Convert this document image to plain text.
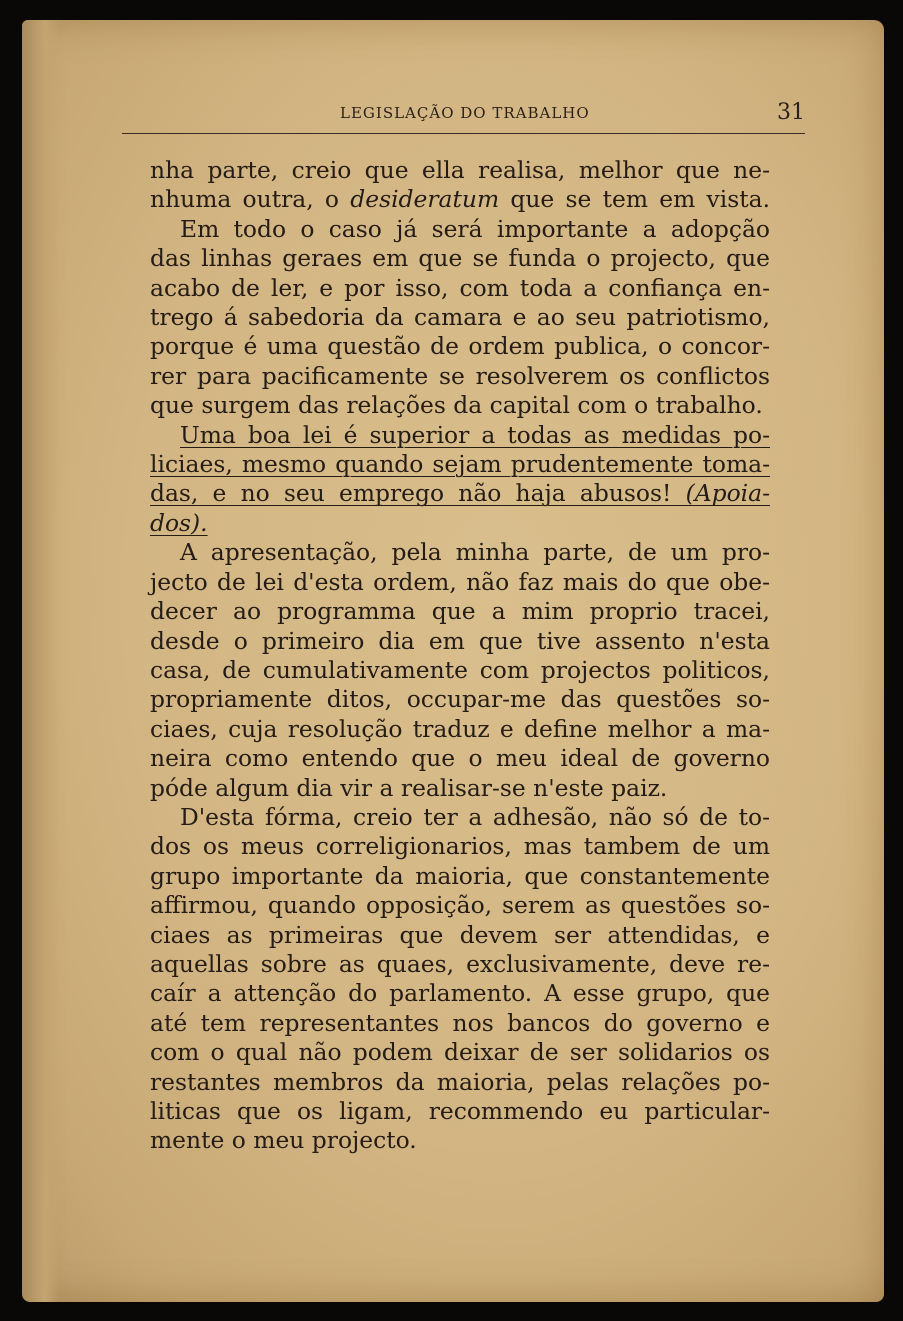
LEGISLAÇÃO DO TRABALHO	31
nha parte, creio que ella realisa, melhor que ne-
nhuma outra, o desideratum que se tem em vista.
Em todo o caso já será importante a adopção
das linhas geraes em que se funda o projecto, que
acabo de ler, e por isso, com toda a confiança en-
trego á sabedoria da camara e ao seu patriotismo,
porque é uma questão de ordem publica, o concor-
rer para pacificamente se resolverem os conflictos
que surgem das relações da capital com o trabalho.
Uma boa lei é superior a todas as medidas po-
liciaes, mesmo quando sejam prudentemente toma-
das, e no seu emprego não haja abusos! (Apoia-
dos).
A apresentação, pela minha parte, de um pro-
jecto de lei d'esta ordem, não faz mais do que obe-
decer ao programma que a mim proprio tracei,
desde o primeiro dia em que tive assento n'esta
casa, de cumulativamente com projectos politicos,
propriamente ditos, occupar-me das questões so-
ciaes, cuja resolução traduz e define melhor a ma-
neira como entendo que o meu ideal de governo
póde algum dia vir a realisar-se n'este paiz.
D'esta fórma, creio ter a adhesão, não só de to-
dos os meus correligionarios, mas tambem de um
grupo importante da maioria, que constantemente
affirmou, quando opposição, serem as questões so-
ciaes as primeiras que devem ser attendidas, e
aquellas sobre as quaes, exclusivamente, deve re-
caír a attenção do parlamento. A esse grupo, que
até tem representantes nos bancos do governo e
com o qual não podem deixar de ser solidarios os
restantes membros da maioria, pelas relações po-
liticas que os ligam, recommendo eu particular-
mente o meu projecto.
